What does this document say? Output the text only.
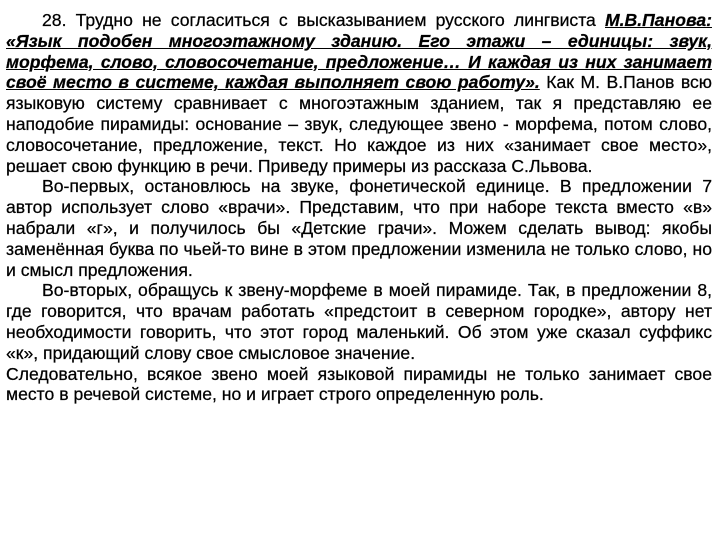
28. Трудно не согласиться с высказыванием русского лингвиста М.В.Панова: «Язык подобен многоэтажному зданию. Его этажи – единицы: звук, морфема, слово, словосочетание, предложение… И каждая из них занимает своё место в системе, каждая выполняет свою работу». Как М. В.Панов всю языковую систему сравнивает с многоэтажным зданием, так я представляю ее наподобие пирамиды: основание – звук, следующее звено - морфема, потом слово, словосочетание, предложение, текст. Но каждое из них «занимает свое место», решает свою функцию в речи. Приведу примеры из рассказа С.Львова.

Во-первых, остановлюсь на звуке, фонетической единице. В предложении 7 автор использует слово «врачи». Представим, что при наборе текста вместо «в» набрали «г», и получилось бы «Детские грачи». Можем сделать вывод: якобы заменённая буква по чьей-то вине в этом предложении изменила не только слово, но и смысл предложения.

Во-вторых, обращусь к звену-морфеме в моей пирамиде. Так, в предложении 8, где говорится, что врачам работать «предстоит в северном городке», автору нет необходимости говорить, что этот город маленький. Об этом уже сказал суффикс «к», придающий слову свое смысловое значение.

Следовательно, всякое звено моей языковой пирамиды не только занимает свое место в речевой системе, но и играет строго определенную роль.
